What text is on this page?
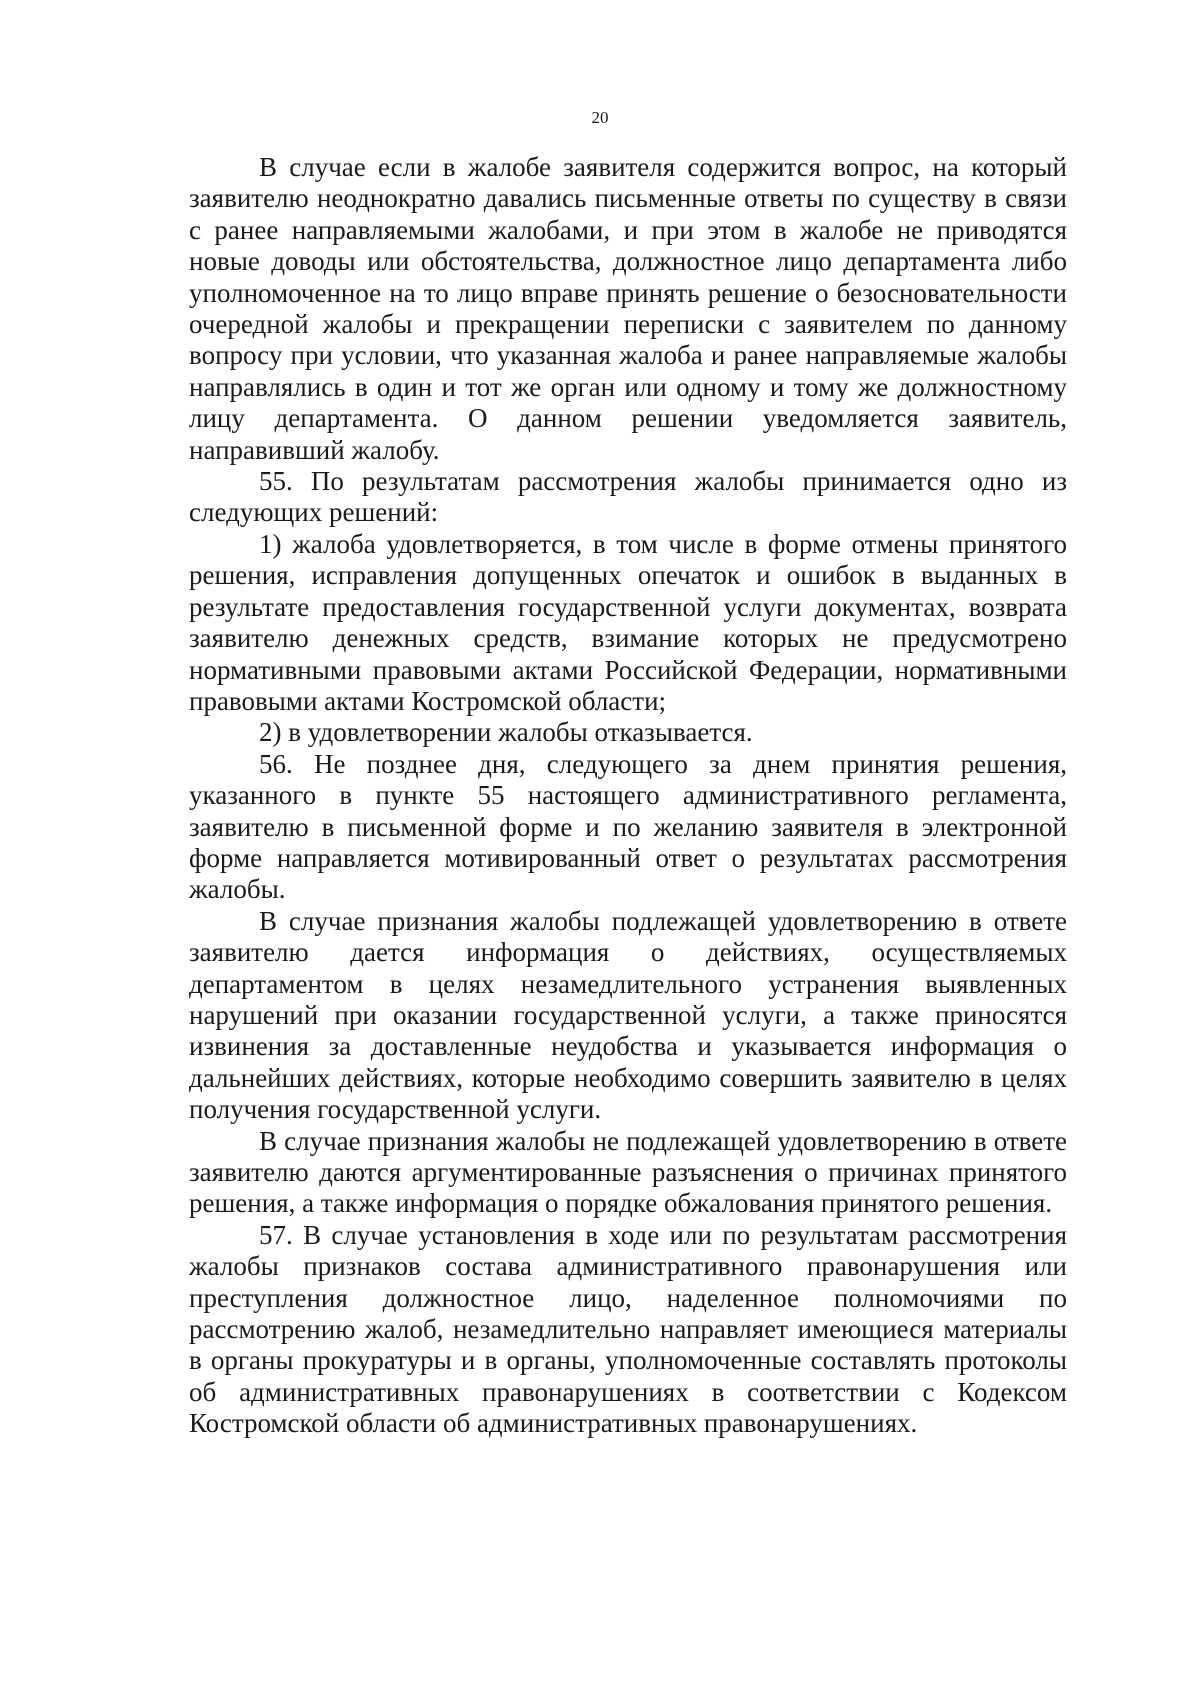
20

В случае если в жалобе заявителя содержится вопрос, на который заявителю неоднократно давались письменные ответы по существу в связи с ранее направляемыми жалобами, и при этом в жалобе не приводятся новые доводы или обстоятельства, должностное лицо департамента либо уполномоченное на то лицо вправе принять решение о безосновательности очередной жалобы и прекращении переписки с заявителем по данному вопросу при условии, что указанная жалоба и ранее направляемые жалобы направлялись в один и тот же орган или одному и тому же должностному лицу департамента. О данном решении уведомляется заявитель, направивший жалобу.

55. По результатам рассмотрения жалобы принимается одно из следующих решений:

1) жалоба удовлетворяется, в том числе в форме отмены принятого решения, исправления допущенных опечаток и ошибок в выданных в результате предоставления государственной услуги документах, возврата заявителю денежных средств, взимание которых не предусмотрено нормативными правовыми актами Российской Федерации, нормативными правовыми актами Костромской области;

2) в удовлетворении жалобы отказывается.

56. Не позднее дня, следующего за днем принятия решения, указанного в пункте 55 настоящего административного регламента, заявителю в письменной форме и по желанию заявителя в электронной форме направляется мотивированный ответ о результатах рассмотрения жалобы.

В случае признания жалобы подлежащей удовлетворению в ответе заявителю дается информация о действиях, осуществляемых департаментом в целях незамедлительного устранения выявленных нарушений при оказании государственной услуги, а также приносятся извинения за доставленные неудобства и указывается информация о дальнейших действиях, которые необходимо совершить заявителю в целях получения государственной услуги.

В случае признания жалобы не подлежащей удовлетворению в ответе заявителю даются аргументированные разъяснения о причинах принятого решения, а также информация о порядке обжалования принятого решения.

57. В случае установления в ходе или по результатам рассмотрения жалобы признаков состава административного правонарушения или преступления должностное лицо, наделенное полномочиями по рассмотрению жалоб, незамедлительно направляет имеющиеся материалы в органы прокуратуры и в органы, уполномоченные составлять протоколы об административных правонарушениях в соответствии с Кодексом Костромской области об административных правонарушениях.
